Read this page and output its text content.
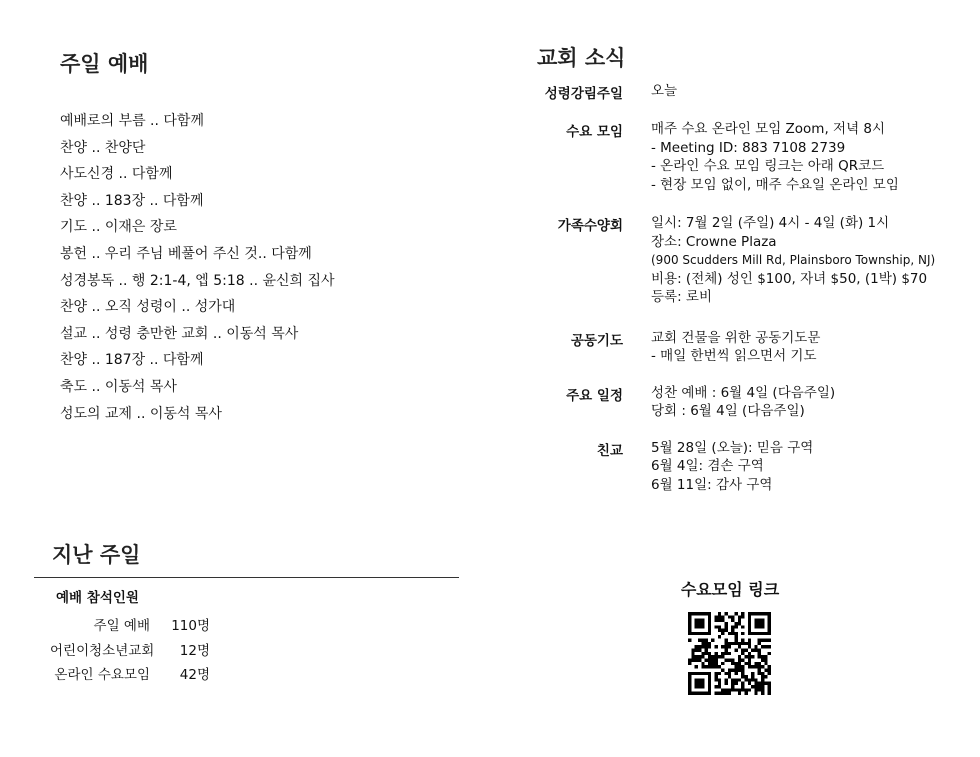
주일 예배
예배로의 부름 .. 다함께
찬양 .. 찬양단
사도신경 .. 다함께
찬양 .. 183장 .. 다함께
기도 .. 이재은 장로
봉헌 .. 우리 주님 베풀어 주신 것.. 다함께
성경봉독 .. 행 2:1-4, 엡 5:18 .. 윤신희 집사
찬양 .. 오직 성령이 .. 성가대
설교 .. 성령 충만한 교회 .. 이동석 목사
찬양 .. 187장 .. 다함께
축도 .. 이동석 목사
성도의 교제 .. 이동석 목사
교회 소식
성령강림주일 오늘
수요 모임 매주 수요 온라인 모임 Zoom, 저녁 8시
- Meeting ID: 883 7108 2739
- 온라인 수요 모임 링크는 아래 QR코드
- 현장 모임 없이, 매주 수요일 온라인 모임
가족수양회 일시: 7월 2일 (주일) 4시 - 4일 (화) 1시
장소: Crowne Plaza
(900 Scudders Mill Rd, Plainsboro Township, NJ)
비용: (전체) 성인 $100, 자녀 $50, (1박) $70
등록: 로비
공동기도 교회 건물을 위한 공동기도문
- 매일 한번씩 읽으면서 기도
주요 일정 성찬 예배 : 6월 4일 (다음주일)
당회 : 6월 4일 (다음주일)
친교 5월 28일 (오늘): 믿음 구역
6월 4일: 겸손 구역
6월 11일: 감사 구역
지난 주일
예배 참석인원
주일 예배	110명
어린이청소년교회	12명
온라인 수요모임	42명
수요모임 링크
